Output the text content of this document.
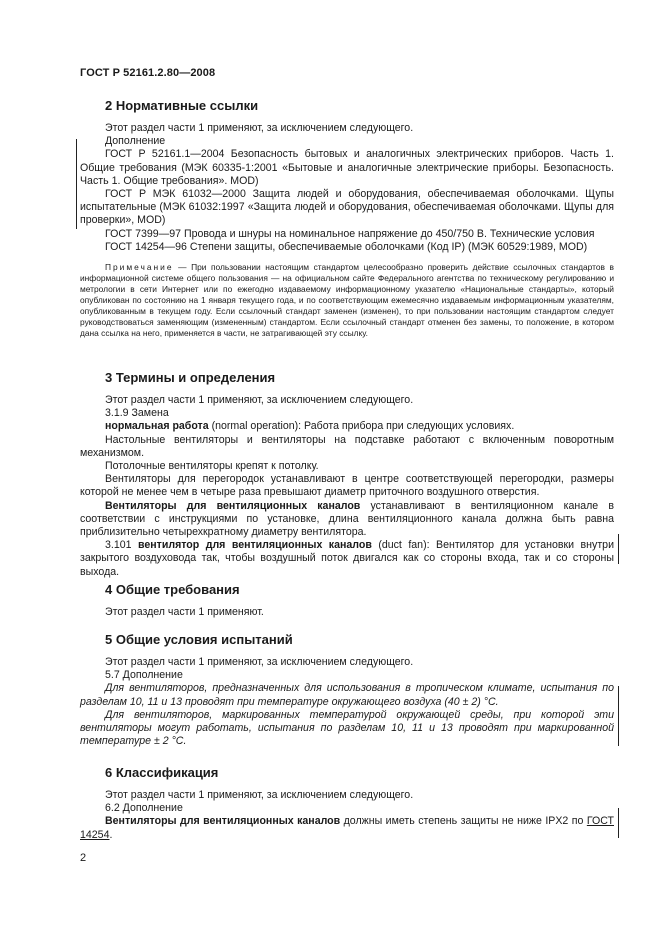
ГОСТ Р 52161.2.80—2008
2 Нормативные ссылки

Этот раздел части 1 применяют, за исключением следующего.

Дополнение

ГОСТ Р 52161.1—2004 Безопасность бытовых и аналогичных электрических приборов. Часть 1. Общие требования (МЭК 60335-1:2001 «Бытовые и аналогичные электрические приборы. Безопасность. Часть 1. Общие требования». MOD)

ГОСТ Р МЭК 61032—2000 Защита людей и оборудования, обеспечиваемая оболочками. Щупы испытательные (МЭК 61032:1997 «Защита людей и оборудования, обеспечиваемая оболочками. Щупы для проверки», MOD)

ГОСТ 7399—97 Провода и шнуры на номинальное напряжение до 450/750 В. Технические условия

ГОСТ 14254—96 Степени защиты, обеспечиваемые оболочками (Код IP) (МЭК 60529:1989, MOD)

Примечание — При пользовании настоящим стандартом целесообразно проверить действие ссылочных стандартов в информационной системе общего пользования — на официальном сайте Федерального агентства по техническому регулированию и метрологии в сети Интернет или по ежегодно издаваемому информационному указателю «Национальные стандарты», который опубликован по состоянию на 1 января текущего года, и по соответствующим ежемесячно издаваемым информационным указателям, опубликованным в текущем году. Если ссылочный стандарт заменен (изменен), то при пользовании настоящим стандартом следует руководствоваться заменяющим (измененным) стандартом. Если ссылочный стандарт отменен без замены, то положение, в котором дана ссылка на него, применяется в части, не затрагивающей эту ссылку.

3 Термины и определения

Этот раздел части 1 применяют, за исключением следующего.

3.1.9 Замена

нормальная работа (normal operation): Работа прибора при следующих условиях.

Настольные вентиляторы и вентиляторы на подставке работают с включенным поворотным механизмом.

Потолочные вентиляторы крепят к потолку.

Вентиляторы для перегородок устанавливают в центре соответствующей перегородки, размеры которой не менее чем в четыре раза превышают диаметр приточного воздушного отверстия.

Вентиляторы для вентиляционных каналов устанавливают в вентиляционном канале в соответствии с инструкциями по установке, длина вентиляционного канала должна быть равна приблизительно четырехкратному диаметру вентилятора.

3.101 вентилятор для вентиляционных каналов (duct fan): Вентилятор для установки внутри закрытого воздуховода так, чтобы воздушный поток двигался как со стороны входа, так и со стороны выхода.

4 Общие требования

Этот раздел части 1 применяют.

5 Общие условия испытаний

Этот раздел части 1 применяют, за исключением следующего.

5.7 Дополнение

Для вентиляторов, предназначенных для использования в тропическом климате, испытания по разделам 10, 11 и 13 проводят при температуре окружающего воздуха (40 ± 2) °С.

Для вентиляторов, маркированных температурой окружающей среды, при которой эти вентиляторы могут работать, испытания по разделам 10, 11 и 13 проводят при маркированной температуре ± 2 °С.

6 Классификация

Этот раздел части 1 применяют, за исключением следующего.

6.2 Дополнение

Вентиляторы для вентиляционных каналов должны иметь степень защиты не ниже IPX2 по ГОСТ 14254.

2
